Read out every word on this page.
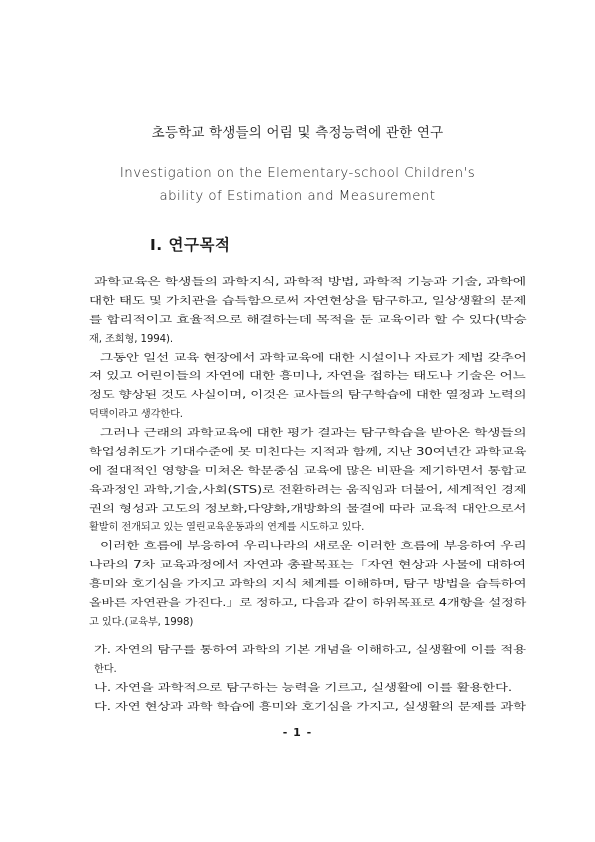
초등학교 학생들의 어림 및 측정능력에 관한 연구
Investigation on the Elementary-school Children's
ability of Estimation and Measurement
Ⅰ. 연구목적
과학교육은 학생들의 과학지식, 과학적 방법, 과학적 기능과 기술, 과학에
대한 태도 및 가치관을 습득함으로써 자연현상을 탐구하고, 일상생활의 문제
를 합리적이고 효율적으로 해결하는데 목적을 둔 교육이라 할 수 있다(박승
재, 조희형, 1994).
그동안 일선 교육 현장에서 과학교육에 대한 시설이나 자료가 제법 갖추어
져 있고 어린이들의 자연에 대한 흥미나, 자연을 접하는 태도나 기술은 어느
정도 향상된 것도 사실이며, 이것은 교사들의 탐구학습에 대한 열정과 노력의
덕택이라고 생각한다.
그러나 근래의 과학교육에 대한 평가 결과는 탐구학습을 받아온 학생들의
학업성취도가 기대수준에 못 미친다는 지적과 함께, 지난 30여년간 과학교육
에 절대적인 영향을 미쳐온 학문중심 교육에 많은 비판을 제기하면서 통합교
육과정인 과학,기술,사회(STS)로 전환하려는 움직임과 더불어, 세계적인 경제
권의 형성과 고도의 정보화,다양화,개방화의 물결에 따라 교육적 대안으로서
활발히 전개되고 있는 열린교육운동과의 연계를 시도하고 있다.
이러한 흐름에 부응하여 우리나라의 새로운 이러한 흐름에 부응하여 우리
나라의 7차 교육과정에서 자연과 총괄목표는「자연 현상과 사물에 대하여
흥미와 호기심을 가지고 과학의 지식 체계를 이해하며, 탐구 방법을 습득하여
올바른 자연관을 가진다.」로 정하고, 다음과 같이 하위목표로 4개항을 설정하
고 있다.(교육부, 1998)
가. 자연의 탐구를 통하여 과학의 기본 개념을 이해하고, 실생활에 이를 적용
한다.
나. 자연을 과학적으로 탐구하는 능력을 기르고, 실생활에 이를 활용한다.
다. 자연 현상과 과학 학습에 흥미와 호기심을 가지고, 실생활의 문제를 과학
- 1 -
